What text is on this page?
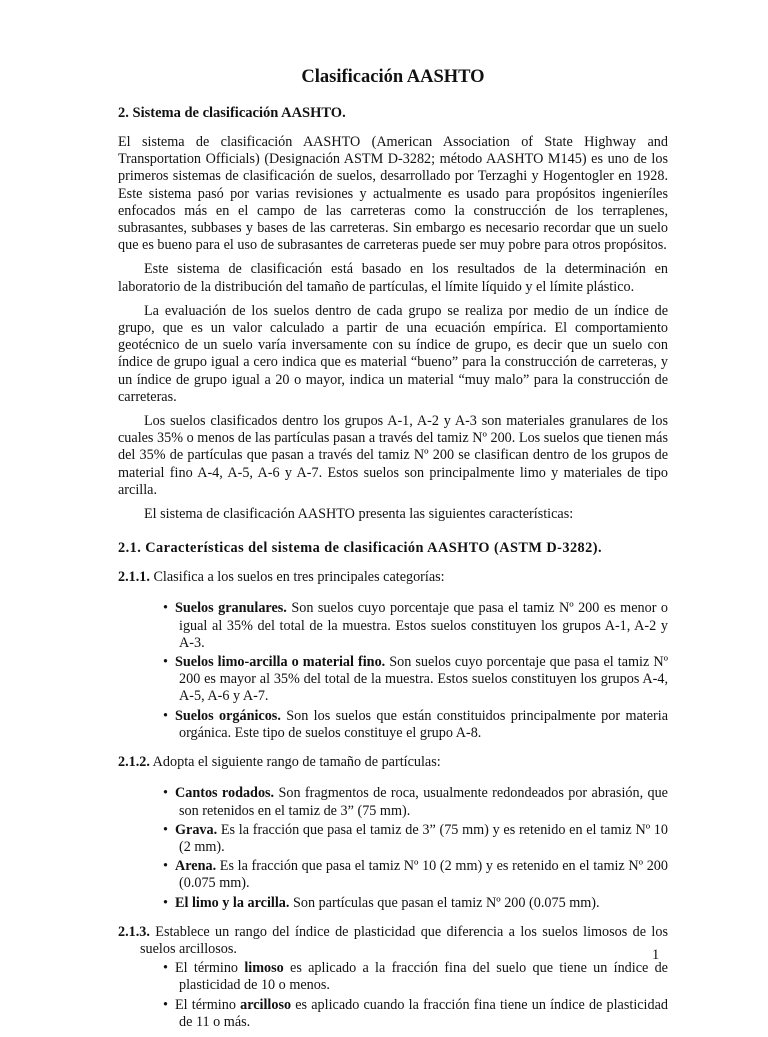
Clasificación AASHTO
2. Sistema de clasificación AASHTO.

El sistema de clasificación AASHTO (American Association of State Highway and Transportation Officials) (Designación ASTM D-3282; método AASHTO M145) es uno de los primeros sistemas de clasificación de suelos, desarrollado por Terzaghi y Hogentogler en 1928. Este sistema pasó por varias revisiones y actualmente es usado para propósitos ingenieríles enfocados más en el campo de las carreteras como la construcción de los terraplenes, subrasantes, subbases y bases de las carreteras. Sin embargo es necesario recordar que un suelo que es bueno para el uso de subrasantes de carreteras puede ser muy pobre para otros propósitos.

Este sistema de clasificación está basado en los resultados de la determinación en laboratorio de la distribución del tamaño de partículas, el límite líquido y el límite plástico.

La evaluación de los suelos dentro de cada grupo se realiza por medio de un índice de grupo, que es un valor calculado a partir de una ecuación empírica. El comportamiento geotécnico de un suelo varía inversamente con su índice de grupo, es decir que un suelo con índice de grupo igual a cero indica que es material “bueno” para la construcción de carreteras, y un índice de grupo igual a 20 o mayor, indica un material “muy malo” para la construcción de carreteras.

Los suelos clasificados dentro los grupos A-1, A-2 y A-3 son materiales granulares de los cuales 35% o menos de las partículas pasan a través del tamiz Nº 200. Los suelos que tienen más del 35% de partículas que pasan a través del tamiz Nº 200 se clasifican dentro de los grupos de material fino A-4, A-5, A-6 y A-7. Estos suelos son principalmente limo y materiales de tipo arcilla.

El sistema de clasificación AASHTO presenta las siguientes características:

2.1. Características del sistema de clasificación AASHTO (ASTM D-3282).
2.1.1. Clasifica a los suelos en tres principales categorías:
• Suelos granulares. Son suelos cuyo porcentaje que pasa el tamiz Nº 200 es menor o igual al 35% del total de la muestra. Estos suelos constituyen los grupos A-1, A-2 y A-3.
• Suelos limo-arcilla o material fino. Son suelos cuyo porcentaje que pasa el tamiz Nº 200 es mayor al 35% del total de la muestra. Estos suelos constituyen los grupos A-4, A-5, A-6 y A-7.
• Suelos orgánicos. Son los suelos que están constituidos principalmente por materia orgánica. Este tipo de suelos constituye el grupo A-8.
2.1.2. Adopta el siguiente rango de tamaño de partículas:
• Cantos rodados. Son fragmentos de roca, usualmente redondeados por abrasión, que son retenidos en el tamiz de 3” (75 mm).
• Grava. Es la fracción que pasa el tamiz de 3” (75 mm) y es retenido en el tamiz Nº 10 (2 mm).
• Arena. Es la fracción que pasa el tamiz Nº 10 (2 mm) y es retenido en el tamiz Nº 200 (0.075 mm).
• El limo y la arcilla. Son partículas que pasan el tamiz Nº 200 (0.075 mm).
2.1.3. Establece un rango del índice de plasticidad que diferencia a los suelos limosos de los suelos arcillosos.
• El término limoso es aplicado a la fracción fina del suelo que tiene un índice de plasticidad de 10 o menos.
• El término arcilloso es aplicado cuando la fracción fina tiene un índice de plasticidad de 11 o más.
1
